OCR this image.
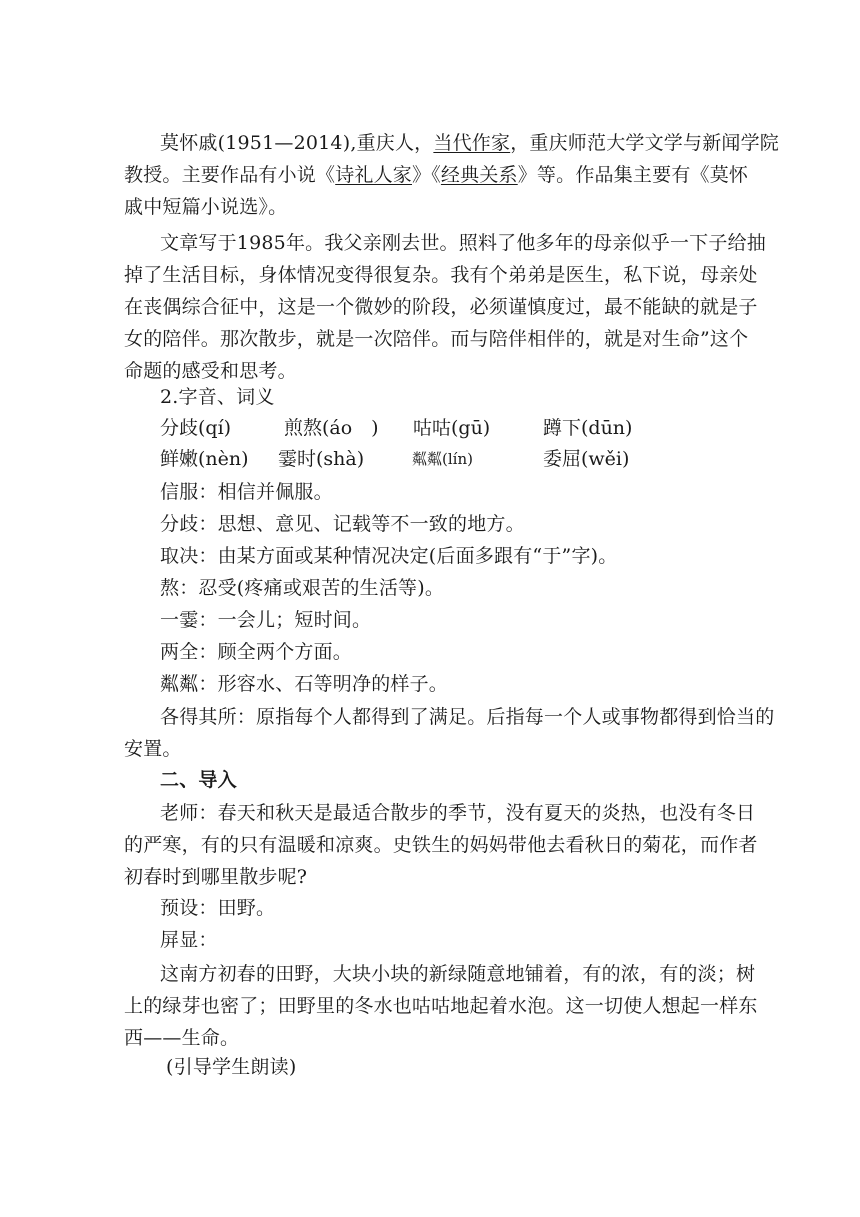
莫怀戚(1951—2014),重庆人，当代作家，重庆师范大学文学与新闻学院
教授。主要作品有小说《诗礼人家》《经典关系》等。作品集主要有《莫怀
戚中短篇小说选》。
文章写于1985年。我父亲刚去世。照料了他多年的母亲似乎一下子给抽
掉了生活目标，身体情况变得很复杂。我有个弟弟是医生，私下说，母亲处
在丧偶综合征中，这是一个微妙的阶段，必须谨慎度过，最不能缺的就是子
女的陪伴。那次散步，就是一次陪伴。而与陪伴相伴的，就是对生命”这个
命题的感受和思考。
2.字音、词义
分歧(qí)	煎熬(áo　) 咕咕(gū)	蹲下(dūn)
鲜嫩(nèn) 霎时(shà)	粼粼(lín)	委屈(wěi)
信服：相信并佩服。
分歧：思想、意见、记载等不一致的地方。
取决：由某方面或某种情况决定(后面多跟有“于”字)。
熬：忍受(疼痛或艰苦的生活等)。
一霎：一会儿；短时间。
两全：顾全两个方面。
粼粼：形容水、石等明净的样子。
各得其所：原指每个人都得到了满足。后指每一个人或事物都得到恰当的
安置。
二、导入
老师：春天和秋天是最适合散步的季节，没有夏天的炎热，也没有冬日
的严寒，有的只有温暖和凉爽。史铁生的妈妈带他去看秋日的菊花，而作者
初春时到哪里散步呢?
预设：田野。
屏显：
这南方初春的田野，大块小块的新绿随意地铺着，有的浓，有的淡；树
上的绿芽也密了；田野里的冬水也咕咕地起着水泡。这一切使人想起一样东
西——生命。
(引导学生朗读)
